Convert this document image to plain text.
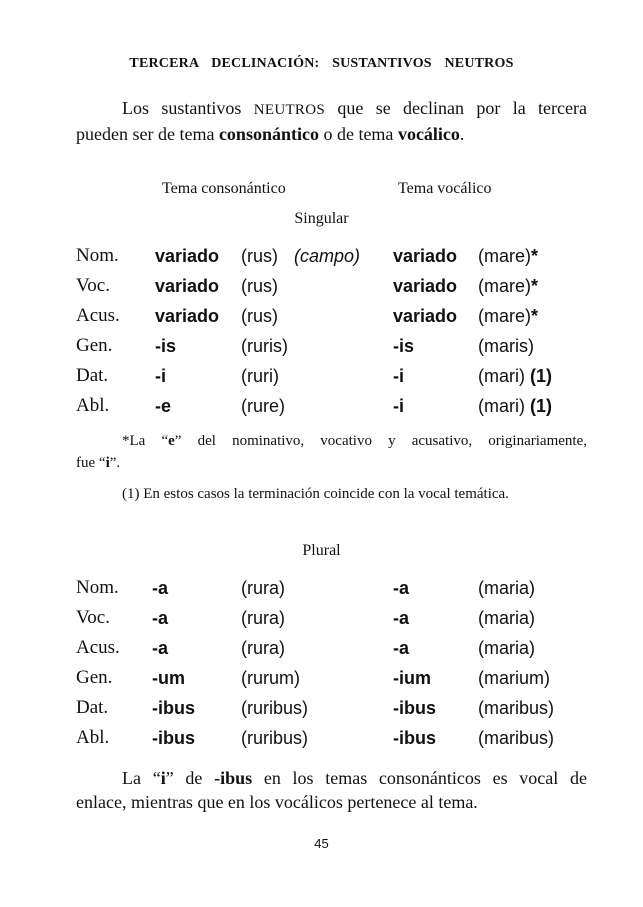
TERCERA DECLINACIÓN: SUSTANTIVOS NEUTROS
Los sustantivos NEUTROS que se declinan por la tercera
pueden ser de tema consonántico o de tema vocálico.
Tema consonántico	Tema vocálico
Singular
Nom. variado (rus) (campo) variado (mare)*
Voc.	variado (rus)	variado (mare)*
Acus. variado (rus)	variado (mare)*
Gen. -is	(ruris)	-is	(maris)
Dat.	-i	(ruri)	-i	(mari) (1)
Abl.	-e	(rure)	-i	(mari) (1)
*La “e” del nominativo, vocativo y acusativo, originariamente,
fue “i”.
(1) En estos casos la terminación coincide con la vocal temática.
Plural
Nom. -a	(rura)	-a	(maria)
Voc. -a	(rura)	-a	(maria)
Acus. -a	(rura)	-a	(maria)
Gen. -um	(rurum)	-ium	(marium)
Dat. -ibus	(ruribus)	-ibus (maribus)
Abl. -ibus	(ruribus)	-ibus (maribus)
La “i” de -ibus en los temas consonánticos es vocal de
enlace, mientras que en los vocálicos pertenece al tema.
45
